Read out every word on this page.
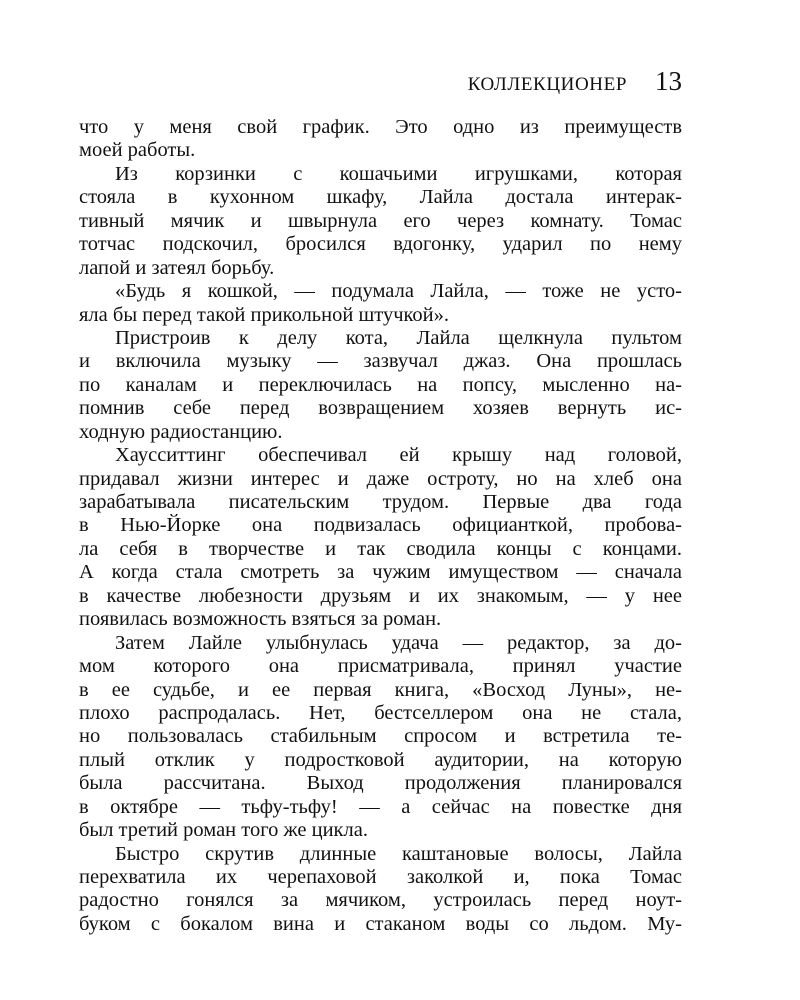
КОЛЛЕКЦИОНЕР 13

что у меня свой график. Это одно из преимуществ
моей работы.

Из корзинки с кошачьими игрушками, которая
стояла в кухонном шкафу, Лайла достала интерак-
тивный мячик и швырнула его через комнату. Томас
тотчас подскочил, бросился вдогонку, ударил по нему
лапой и затеял борьбу.

«Будь я кошкой, — подумала Лайла, — тоже не усто-
яла бы перед такой прикольной штучкой».

Пристроив к делу кота, Лайла щелкнула пультом
и включила музыку — зазвучал джаз. Она прошлась
по каналам и переключилась на попсу, мысленно на-
помнив себе перед возвращением хозяев вернуть ис-
ходную радиостанцию.

Хаусситтинг обеспечивал ей крышу над головой,
придавал жизни интерес и даже остроту, но на хлеб она
зарабатывала писательским трудом. Первые два года
в Нью-Йорке она подвизалась официанткой, пробова-
ла себя в творчестве и так сводила концы с концами.
А когда стала смотреть за чужим имуществом — сначала
в качестве любезности друзьям и их знакомым, — у нее
появилась возможность взяться за роман.

Затем Лайле улыбнулась удача — редактор, за до-
мом которого она присматривала, принял участие
в ее судьбе, и ее первая книга, «Восход Луны», не-
плохо распродалась. Нет, бестселлером она не стала,
но пользовалась стабильным спросом и встретила те-
плый отклик у подростковой аудитории, на которую
была рассчитана. Выход продолжения планировался
в октябре — тьфу-тьфу! — а сейчас на повестке дня
был третий роман того же цикла.

Быстро скрутив длинные каштановые волосы, Лайла
перехватила их черепаховой заколкой и, пока Томас
радостно гонялся за мячиком, устроилась перед ноут-
буком с бокалом вина и стаканом воды со льдом. Му-
